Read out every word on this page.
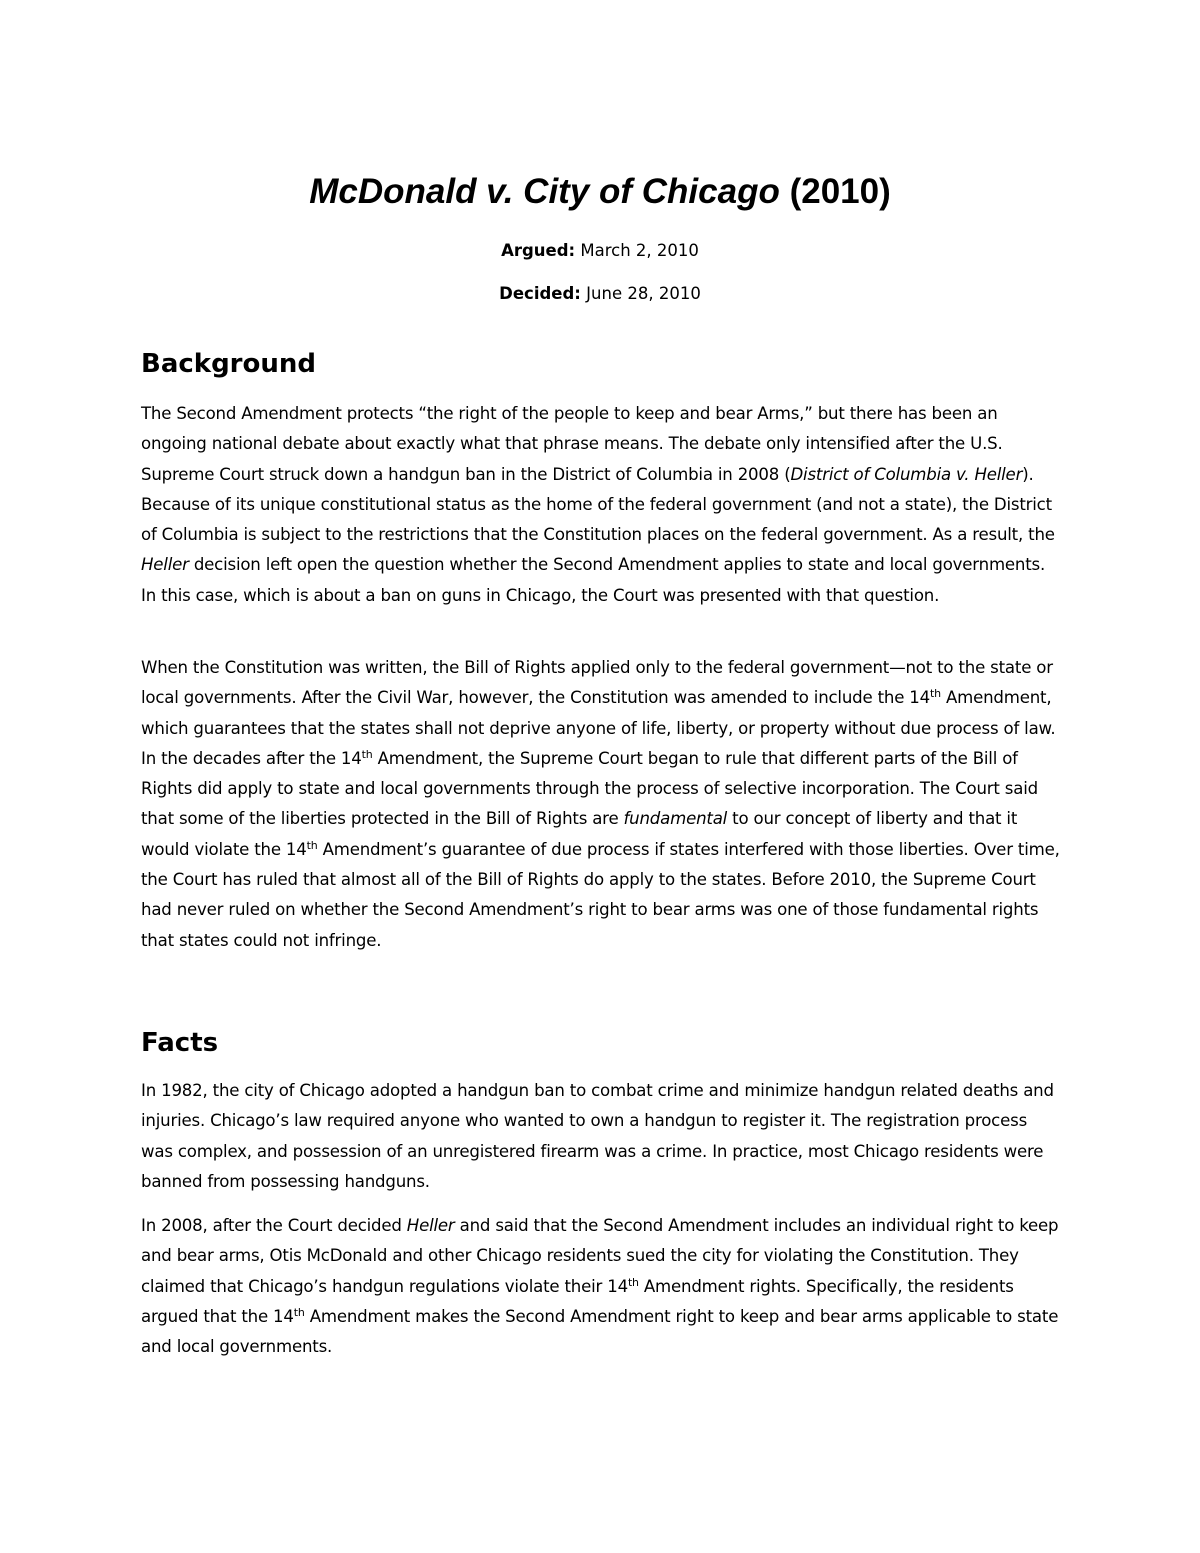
McDonald v. City of Chicago (2010)

Argued: March 2, 2010

Decided: June 28, 2010

Background

The Second Amendment protects “the right of the people to keep and bear Arms,” but there has been an ongoing national debate about exactly what that phrase means. The debate only intensified after the U.S. Supreme Court struck down a handgun ban in the District of Columbia in 2008 (District of Columbia v. Heller). Because of its unique constitutional status as the home of the federal government (and not a state), the District of Columbia is subject to the restrictions that the Constitution places on the federal government. As a result, the Heller decision left open the question whether the Second Amendment applies to state and local governments. In this case, which is about a ban on guns in Chicago, the Court was presented with that question.

When the Constitution was written, the Bill of Rights applied only to the federal government—not to the state or local governments. After the Civil War, however, the Constitution was amended to include the 14th Amendment, which guarantees that the states shall not deprive anyone of life, liberty, or property without due process of law. In the decades after the 14th Amendment, the Supreme Court began to rule that different parts of the Bill of Rights did apply to state and local governments through the process of selective incorporation. The Court said that some of the liberties protected in the Bill of Rights are fundamental to our concept of liberty and that it would violate the 14th Amendment’s guarantee of due process if states interfered with those liberties. Over time, the Court has ruled that almost all of the Bill of Rights do apply to the states. Before 2010, the Supreme Court had never ruled on whether the Second Amendment’s right to bear arms was one of those fundamental rights that states could not infringe.

Facts

In 1982, the city of Chicago adopted a handgun ban to combat crime and minimize handgun related deaths and injuries. Chicago’s law required anyone who wanted to own a handgun to register it. The registration process was complex, and possession of an unregistered firearm was a crime. In practice, most Chicago residents were banned from possessing handguns.

In 2008, after the Court decided Heller and said that the Second Amendment includes an individual right to keep and bear arms, Otis McDonald and other Chicago residents sued the city for violating the Constitution. They claimed that Chicago’s handgun regulations violate their 14th Amendment rights. Specifically, the residents argued that the 14th Amendment makes the Second Amendment right to keep and bear arms applicable to state and local governments.
